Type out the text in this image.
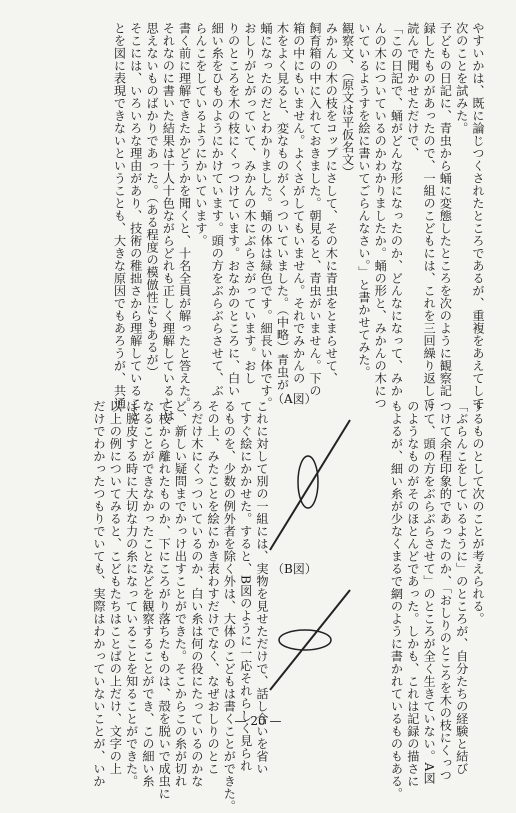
やすいかは、既に論じつくされたところであるが、重複をあえてして
次のことを試みた。
子どもの日記に、青虫から蛹に変態したところを次のように観察記
録したものがあったので、一組のこどもには、これを三回繰り返して
読んで聞かせただけで、
「この日記で、蛹がどんな形になったのか、どんなになって、みか
んの木についているのかわかりましたか。蛹の形と、みかんの木につ
いているようすを絵に書いてごらんなさい。」と書かせてみた。
観察文、（原文は平仮名文）
みかんの木の枝をコップにさして、その木に青虫をとまらせて、
飼育箱の中に入れておきました。朝見ると、青虫がいません。下の
箱の中にもいません。よくさがしてもいません。それでみかんの
木をよく見ると、変なものがくっついていました。（中略）青虫が
蛹になったのだとわかりました。蛹の体は緑色です。細長い体です。
おしりがとがっていて、みかんの木にぶらさがっています。おし
りのところを木の枝にくっつけています。おなかのところに、白い
細い糸をひものようにかけています。頭の方をぶらぶらさせて、ぶ
らんこをしているようにかいています。
書く前に理解できたかどうかを聞くと、十名全員が解ったと答えた。
それなのに書いた結果は十人十色ながらどれも正しく理解しているとは
思えないものばかりであった。（ある程度の模倣性にもあるが）
そこには、いろいろな理由があり、技術の稚拙さから理解していること
とを図に表現できないということも、大きな原因でもあろうが、共通
するものとして次のことが考えられる。
「ぶらんこをしているように」のところが、自分たちの経験と結び
つけて余程印象的であったのか、「おしりのところを木の枝にくっつ
けて、頭の方をぶらぶらさせて」のところが全く生きていない。A図
のようなものがそのほとんどであった。しかも、これは記録の描さに
もよるが、細い糸が少なくまるで網のように書かれているものもある。
これに対して別の一組には、実物を見せただけで、話し合いを省い
てすぐ絵にかかせた。すると、B図のように一応それらしく見られ
るものを、少数の例外者を除く外は、大体のこどもは書くことができた。
その上、みたことを絵にかき表わすだけでなく、なぜおしりのとこ
ろだけ木にくっついているのか、白い糸は何の役にたっているのかな
ど、新しい疑問までかっけ出すことができた。そこからこの糸が切れ
て枝から離れたものか、下にころがり落ちたものは、殻を脱いで成虫に
なることができなかったことなどを観察することができ、この細い糸
は脱皮する時に大切な力の糸になっていることを知ることができた。
以上の例についてみると、こどもたちはことばの上だけ、文字の上
だけでわかったつもりでいても、実際はわかっていないことが、いか
（A図）
（B図）
— 20 —
